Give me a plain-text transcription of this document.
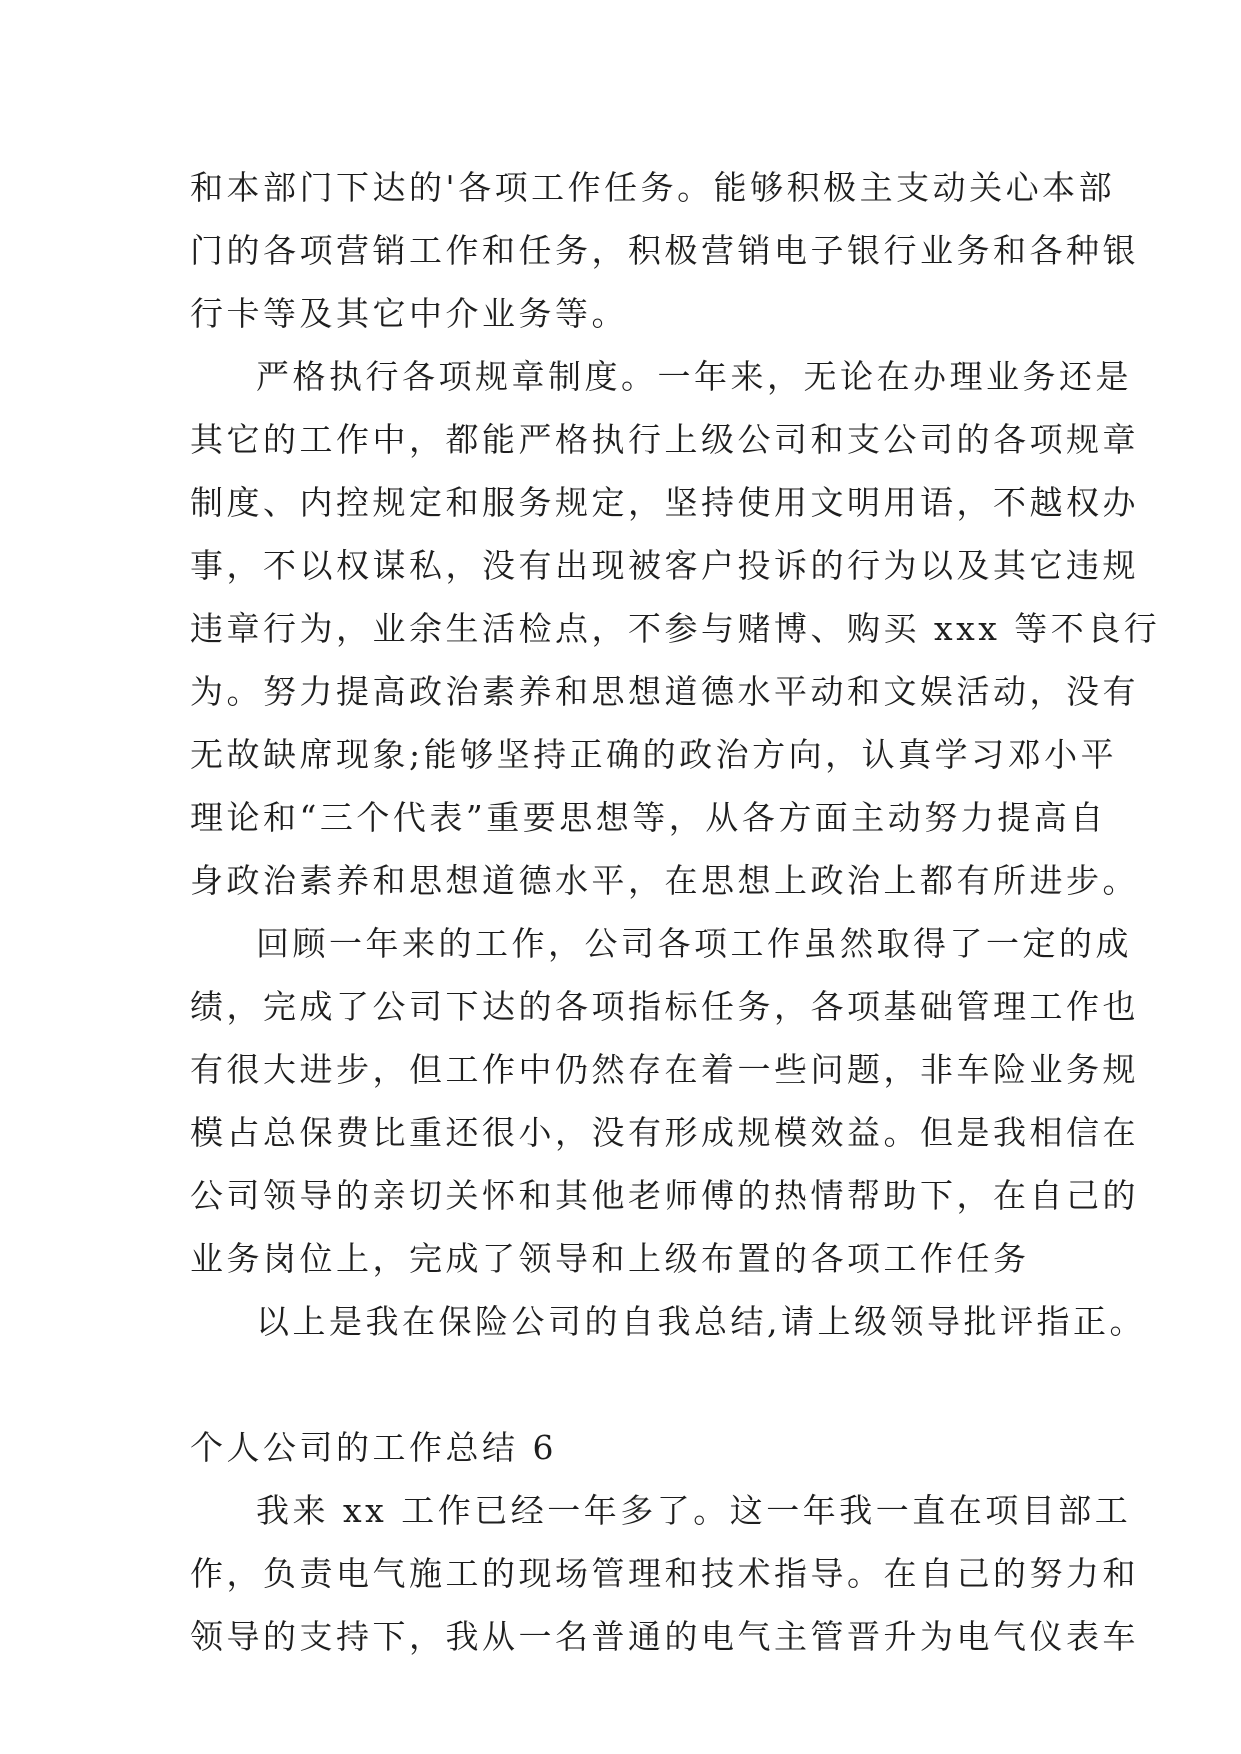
和本部门下达的'各项工作任务。能够积极主支动关心本部
门的各项营销工作和任务，积极营销电子银行业务和各种银
行卡等及其它中介业务等。
严格执行各项规章制度。一年来，无论在办理业务还是
其它的工作中，都能严格执行上级公司和支公司的各项规章
制度、内控规定和服务规定，坚持使用文明用语，不越权办
事，不以权谋私，没有出现被客户投诉的行为以及其它违规
违章行为，业余生活检点，不参与赌博、购买 xxx 等不良行
为。努力提高政治素养和思想道德水平动和文娱活动，没有
无故缺席现象;能够坚持正确的政治方向，认真学习邓小平
理论和“三个代表”重要思想等，从各方面主动努力提高自
身政治素养和思想道德水平，在思想上政治上都有所进步。
回顾一年来的工作，公司各项工作虽然取得了一定的成
绩，完成了公司下达的各项指标任务，各项基础管理工作也
有很大进步，但工作中仍然存在着一些问题，非车险业务规
模占总保费比重还很小，没有形成规模效益。但是我相信在
公司领导的亲切关怀和其他老师傅的热情帮助下，在自己的
业务岗位上，完成了领导和上级布置的各项工作任务
以上是我在保险公司的自我总结,请上级领导批评指正。
个人公司的工作总结 6
我来 xx 工作已经一年多了。这一年我一直在项目部工
作，负责电气施工的现场管理和技术指导。在自己的努力和
领导的支持下，我从一名普通的电气主管晋升为电气仪表车
